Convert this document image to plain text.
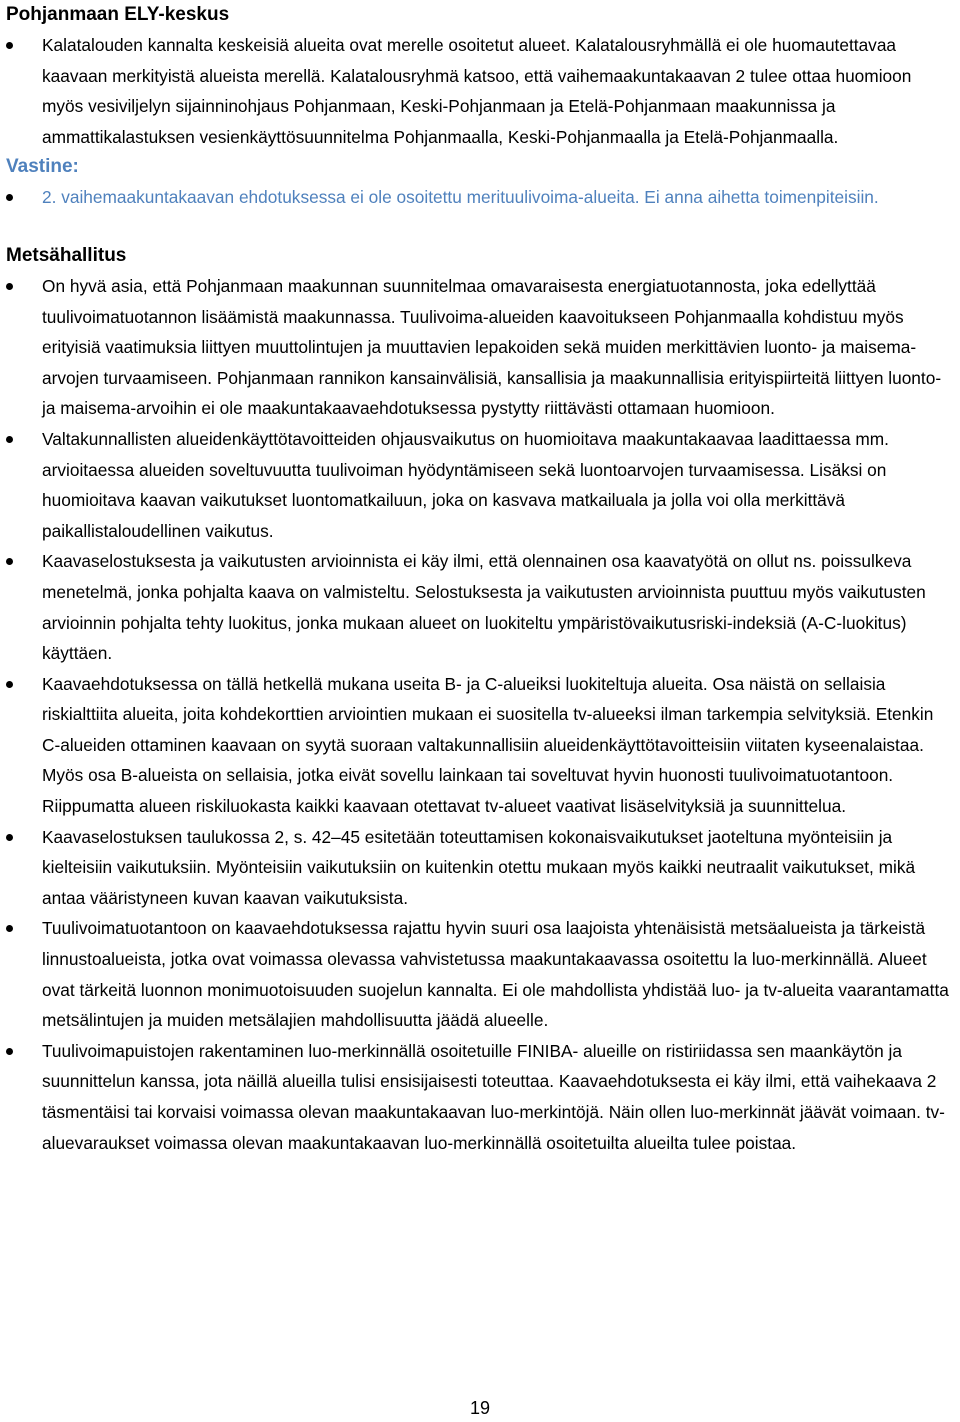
Pohjanmaan ELY-keskus

Kalatalouden kannalta keskeisiä alueita ovat merelle osoitetut alueet. Kalatalousryhmällä ei ole huomautettavaa kaavaan merkityistä alueista merellä. Kalatalousryhmä katsoo, että vaihemaakuntakaavan 2 tulee ottaa huomioon myös vesiviljelyn sijainninohjaus Pohjanmaan, Keski-Pohjanmaan ja Etelä-Pohjanmaan maakunnissa ja ammattikalastuksen vesienkäyttösuunnitelma Pohjanmaalla, Keski-Pohjanmaalla ja Etelä-Pohjanmaalla.

Vastine:

2. vaihemaakuntakaavan ehdotuksessa ei ole osoitettu merituulivoima-alueita. Ei anna aihetta toimenpiteisiin.

Metsähallitus

On hyvä asia, että Pohjanmaan maakunnan suunnitelmaa omavaraisesta energiatuotannosta, joka edellyttää tuulivoimatuotannon lisäämistä maakunnassa. Tuulivoima-alueiden kaavoitukseen Pohjanmaalla kohdistuu myös erityisiä vaatimuksia liittyen muuttolintujen ja muuttavien lepakoiden sekä muiden merkittävien luonto- ja maisema-arvojen turvaamiseen. Pohjanmaan rannikon kansainvälisiä, kansallisia ja maakunnallisia erityispiirteitä liittyen luonto- ja maisema-arvoihin ei ole maakuntakaavaehdotuksessa pystytty riittävästi ottamaan huomioon.
Valtakunnallisten alueidenkäyttötavoitteiden ohjausvaikutus on huomioitava maakuntakaavaa laadittaessa mm. arvioitaessa alueiden soveltuvuutta tuulivoiman hyödyntämiseen sekä luontoarvojen turvaamisessa. Lisäksi on huomioitava kaavan vaikutukset luontomatkailuun, joka on kasvava matkailuala ja jolla voi olla merkittävä paikallistaloudellinen vaikutus.
Kaavaselostuksesta ja vaikutusten arvioinnista ei käy ilmi, että olennainen osa kaavatyötä on ollut ns. poissulkeva menetelmä, jonka pohjalta kaava on valmisteltu. Selostuksesta ja vaikutusten arvioinnista puuttuu myös vaikutusten arvioinnin pohjalta tehty luokitus, jonka mukaan alueet on luokiteltu ympäristövaikutusriski-indeksiä (A-C-luokitus) käyttäen.
Kaavaehdotuksessa on tällä hetkellä mukana useita B- ja C-alueiksi luokiteltuja alueita. Osa näistä on sellaisia riskialttiita alueita, joita kohdekorttien arviointien mukaan ei suositella tv-alueeksi ilman tarkempia selvityksiä. Etenkin C-alueiden ottaminen kaavaan on syytä suoraan valtakunnallisiin alueidenkäyttötavoitteisiin viitaten kyseenalaistaa. Myös osa B-alueista on sellaisia, jotka eivät sovellu lainkaan tai soveltuvat hyvin huonosti tuulivoimatuotantoon. Riippumatta alueen riskiluokasta kaikki kaavaan otettavat tv-alueet vaativat lisäselvityksiä ja suunnittelua.
Kaavaselostuksen taulukossa 2, s. 42–45 esitetään toteuttamisen kokonaisvaikutukset jaoteltuna myönteisiin ja kielteisiin vaikutuksiin. Myönteisiin vaikutuksiin on kuitenkin otettu mukaan myös kaikki neutraalit vaikutukset, mikä antaa vääristyneen kuvan kaavan vaikutuksista.
Tuulivoimatuotantoon on kaavaehdotuksessa rajattu hyvin suuri osa laajoista yhtenäisistä metsäalueista ja tärkeistä linnustoalueista, jotka ovat voimassa olevassa vahvistetussa maakuntakaavassa osoitettu la luo-merkinnällä. Alueet ovat tärkeitä luonnon monimuotoisuuden suojelun kannalta. Ei ole mahdollista yhdistää luo- ja tv-alueita vaarantamatta metsälintujen ja muiden metsälajien mahdollisuutta jäädä alueelle.
Tuulivoimapuistojen rakentaminen luo-merkinnällä osoitetuille FINIBA- alueille on ristiriidassa sen maankäytön ja suunnittelun kanssa, jota näillä alueilla tulisi ensisijaisesti toteuttaa. Kaavaehdotuksesta ei käy ilmi, että vaihekaava 2 täsmentäisi tai korvaisi voimassa olevan maakuntakaavan luo-merkintöjä. Näin ollen luo-merkinnät jäävät voimaan. tv-aluevaraukset voimassa olevan maakuntakaavan luo-merkinnällä osoitetuilta alueilta tulee poistaa.
19
